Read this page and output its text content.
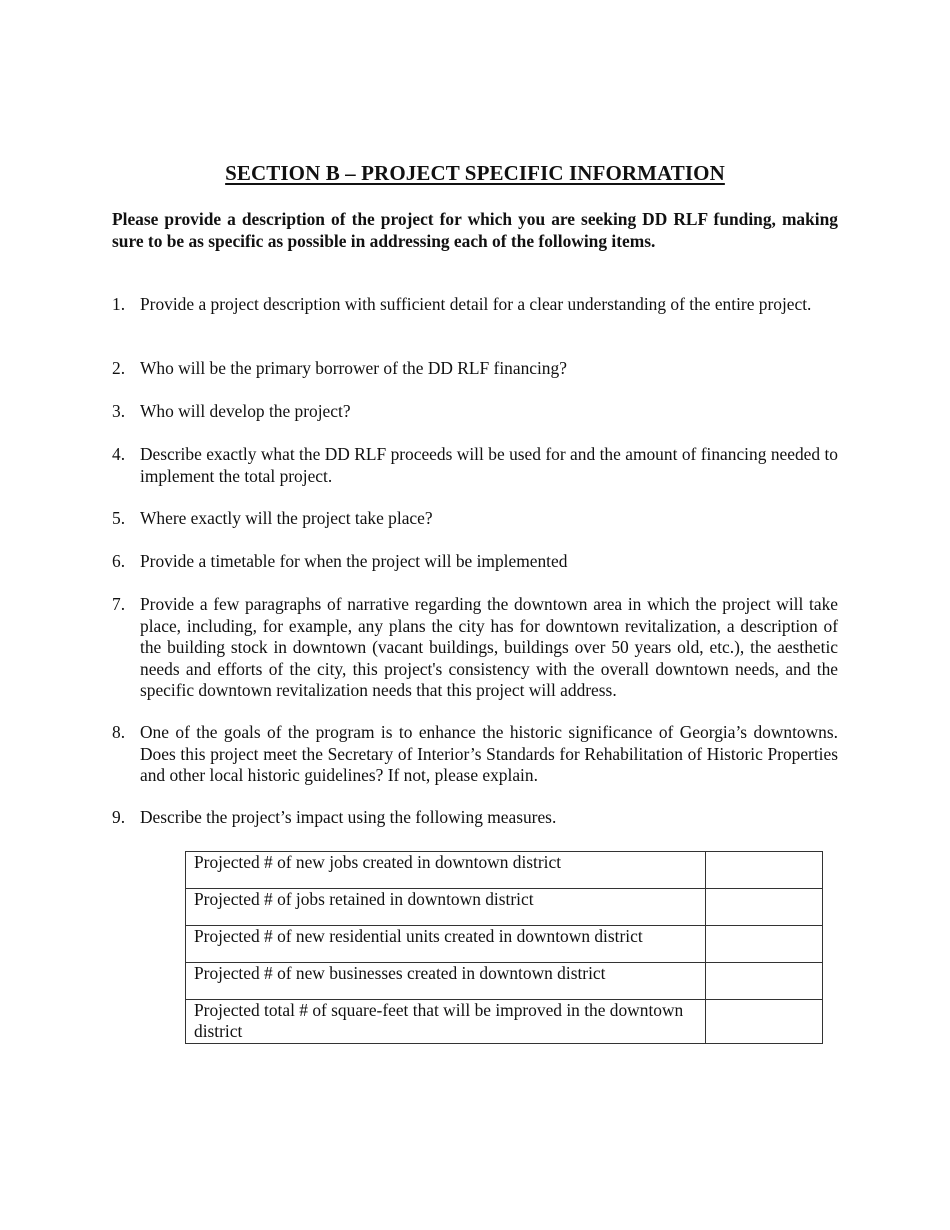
SECTION B – PROJECT SPECIFIC INFORMATION
Please provide a description of the project for which you are seeking DD RLF funding, making sure to be as specific as possible in addressing each of the following items.
1. Provide a project description with sufficient detail for a clear understanding of the entire project.
2. Who will be the primary borrower of the DD RLF financing?
3. Who will develop the project?
4. Describe exactly what the DD RLF proceeds will be used for and the amount of financing needed to implement the total project.
5. Where exactly will the project take place?
6. Provide a timetable for when the project will be implemented
7. Provide a few paragraphs of narrative regarding the downtown area in which the project will take place, including, for example, any plans the city has for downtown revitalization, a description of the building stock in downtown (vacant buildings, buildings over 50 years old, etc.), the aesthetic needs and efforts of the city, this project's consistency with the overall downtown needs, and the specific downtown revitalization needs that this project will address.
8. One of the goals of the program is to enhance the historic significance of Georgia’s downtowns. Does this project meet the Secretary of Interior’s Standards for Rehabilitation of Historic Properties and other local historic guidelines? If not, please explain.
9. Describe the project’s impact using the following measures.
Projected # of new jobs created in downtown district	
Projected # of jobs retained in downtown district	
Projected # of new residential units created in downtown district	
Projected # of new businesses created in downtown district	
Projected total # of square-feet that will be improved in the downtown district	
